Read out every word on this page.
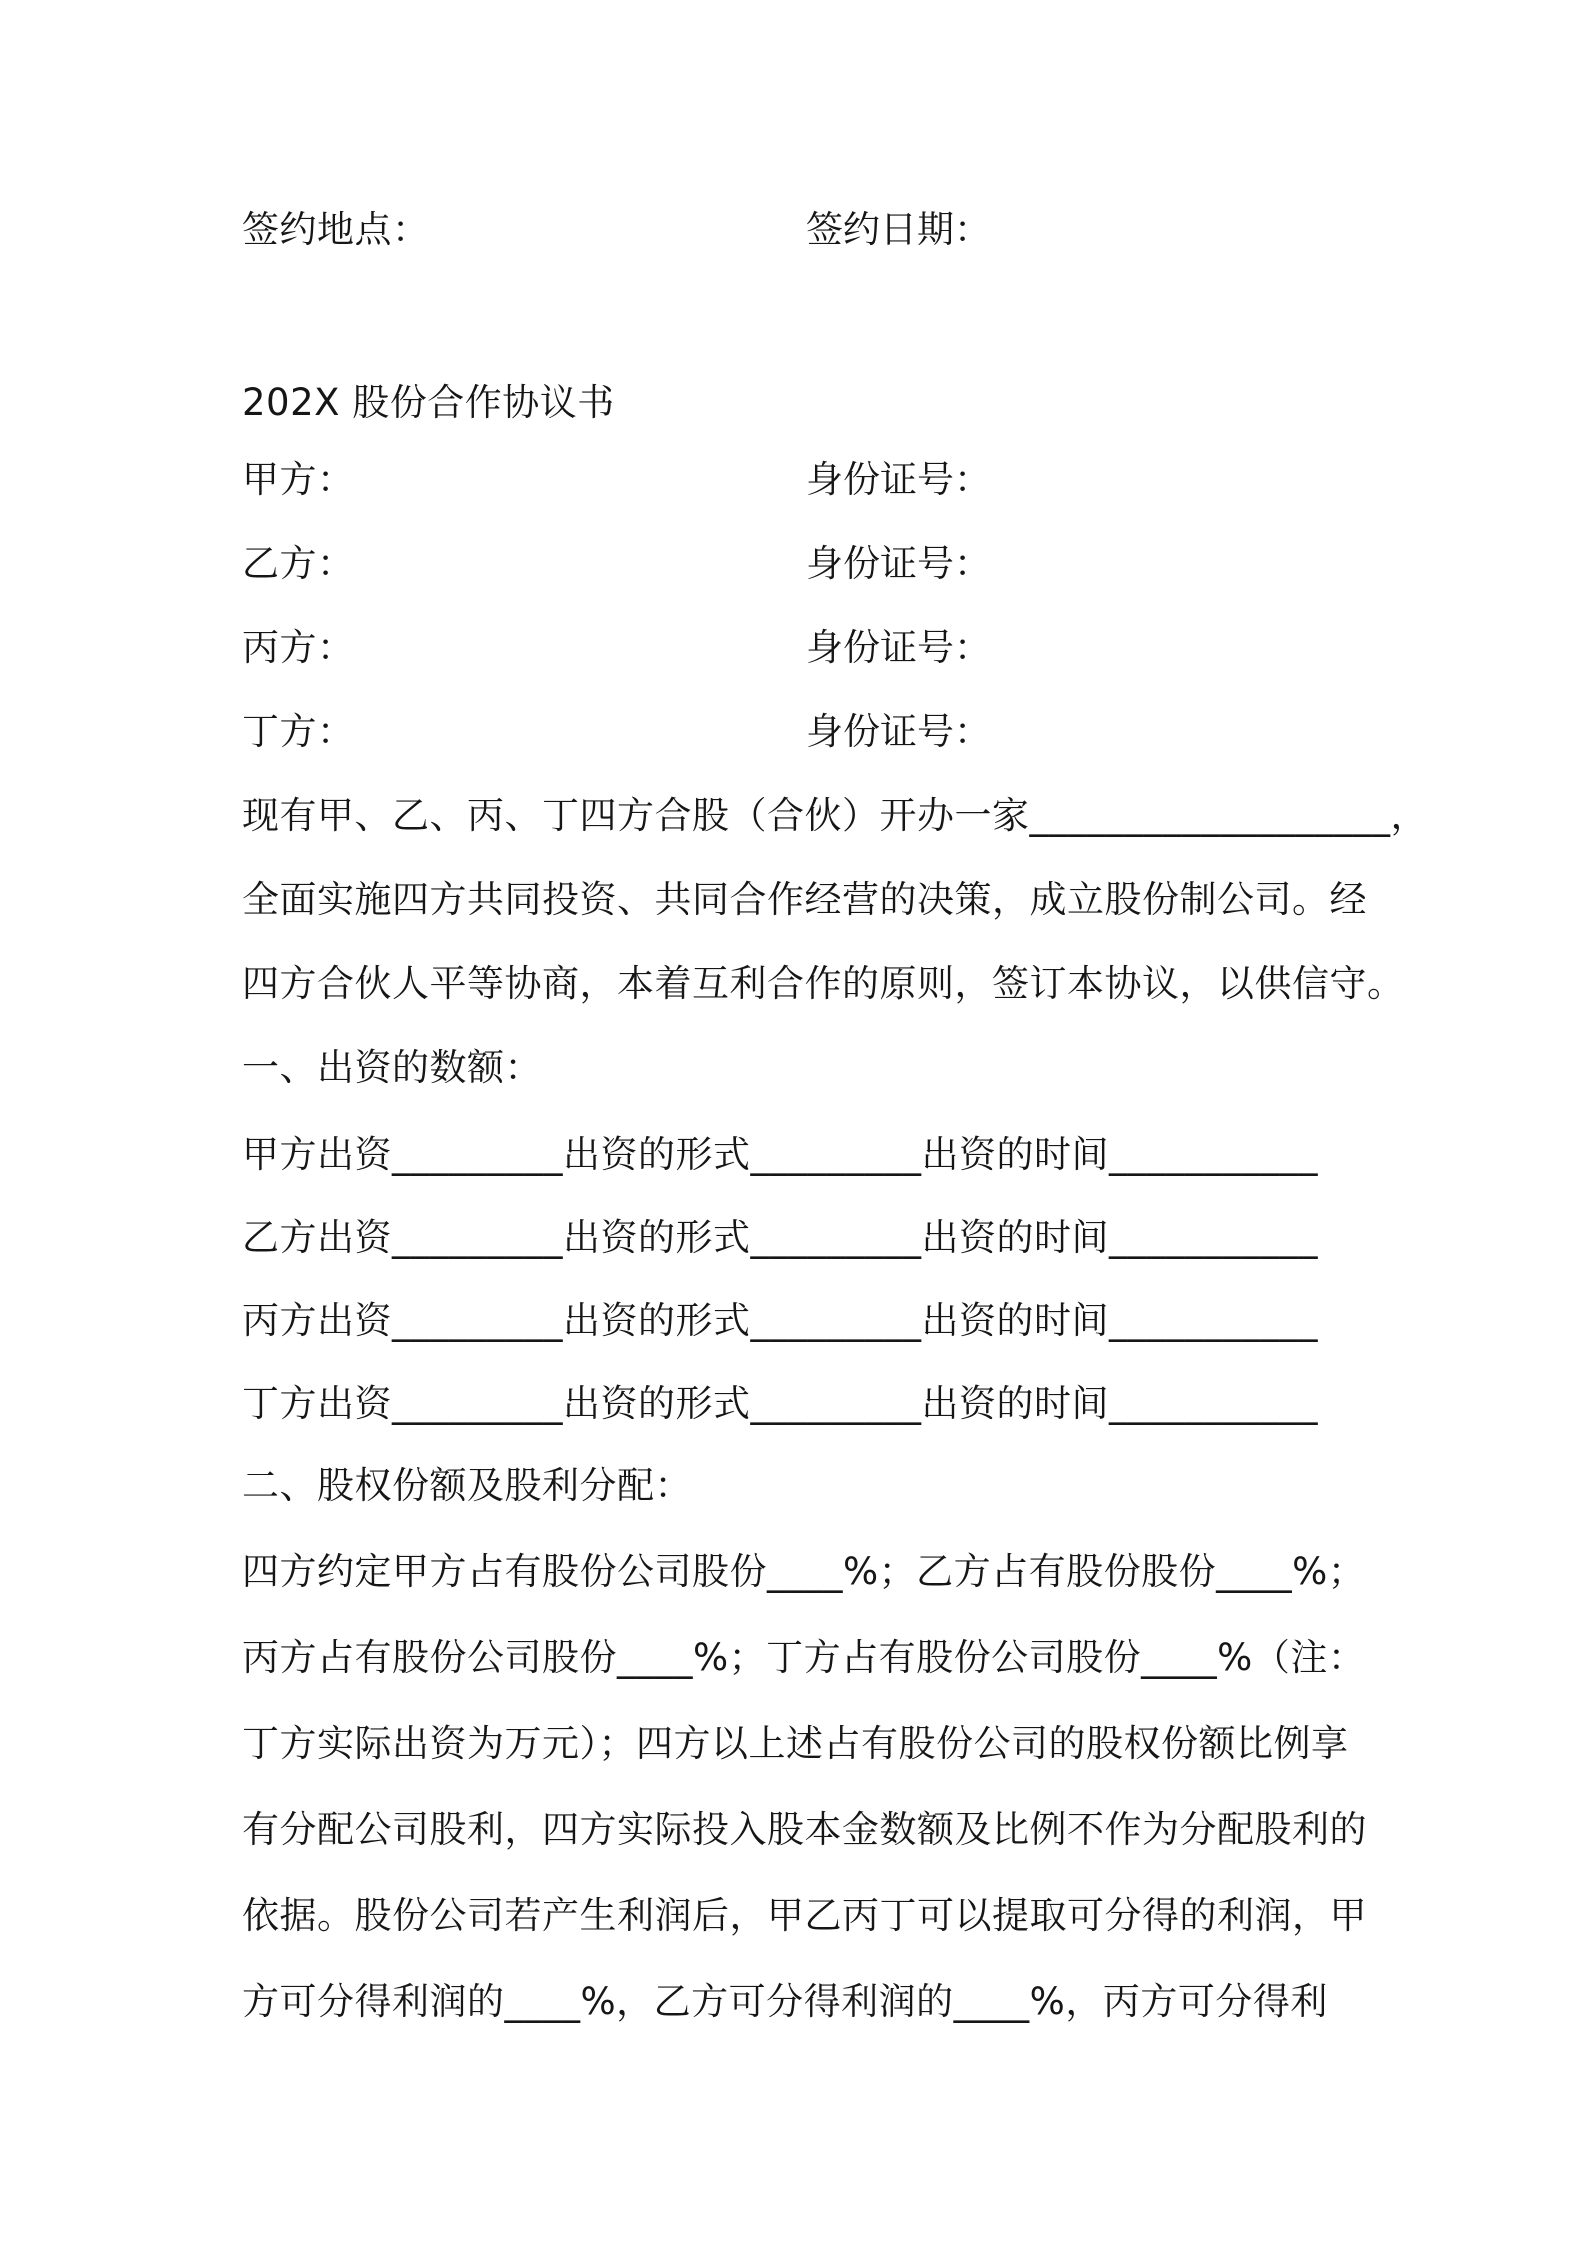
签约地点：	签约日期：
202X 股份合作协议书
甲方：	身份证号：
乙方：	身份证号：
丙方：	身份证号：
丁方：	身份证号：
现有甲、乙、丙、丁四方合股（合伙）开办一家___________________，
全面实施四方共同投资、共同合作经营的决策，成立股份制公司。经
四方合伙人平等协商，本着互利合作的原则，签订本协议，以供信守。
一、出资的数额：
甲方出资_________出资的形式_________出资的时间___________
乙方出资_________出资的形式_________出资的时间___________
丙方出资_________出资的形式_________出资的时间___________
丁方出资_________出资的形式_________出资的时间___________
二、股权份额及股利分配：
四方约定甲方占有股份公司股份____%；乙方占有股份股份____%；
丙方占有股份公司股份____%；丁方占有股份公司股份____%（注：
丁方实际出资为万元）；四方以上述占有股份公司的股权份额比例享
有分配公司股利，四方实际投入股本金数额及比例不作为分配股利的
依据。股份公司若产生利润后，甲乙丙丁可以提取可分得的利润，甲
方可分得利润的____%，乙方可分得利润的____%，丙方可分得利
